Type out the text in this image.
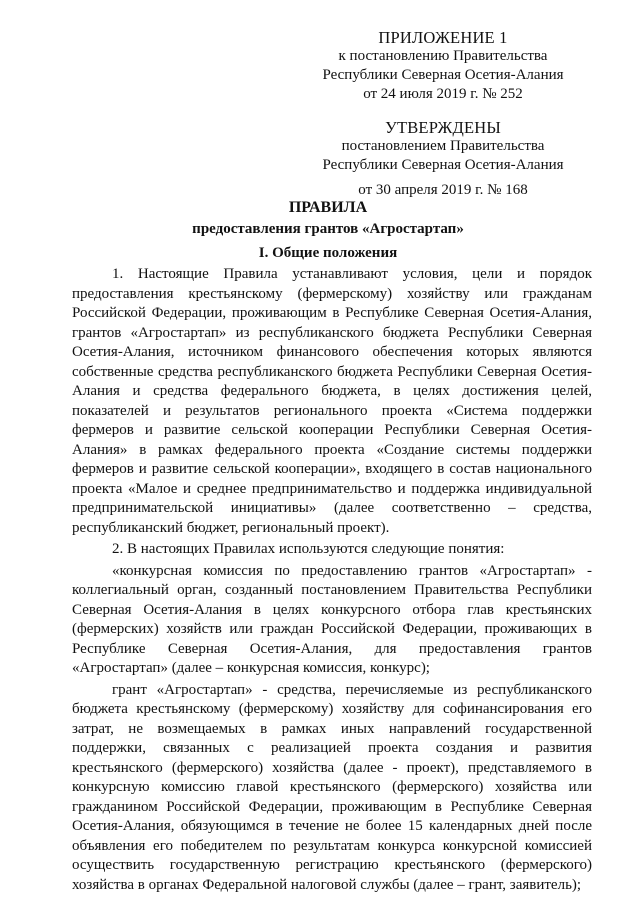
ПРИЛОЖЕНИЕ 1
к постановлению Правительства
Республики Северная Осетия-Алания
от 24 июля 2019 г. № 252
УТВЕРЖДЕНЫ
постановлением Правительства
Республики Северная Осетия-Алания
от 30 апреля 2019 г. № 168
ПРАВИЛА
предоставления грантов «Агростартап»
I. Общие положения

1. Настоящие Правила устанавливают условия, цели и порядок предоставления крестьянскому (фермерскому) хозяйству или гражданам Российской Федерации, проживающим в Республике Северная Осетия-Алания, грантов «Агростартап» из республиканского бюджета Республики Северная Осетия-Алания, источником финансового обеспечения которых являются собственные средства республиканского бюджета Республики Северная Осетия-Алания и средства федерального бюджета, в целях достижения целей, показателей и результатов регионального проекта «Система поддержки фермеров и развитие сельской кооперации Республики Северная Осетия-Алания» в рамках федерального проекта «Создание системы поддержки фермеров и развитие сельской кооперации», входящего в состав национального проекта «Малое и среднее предпринимательство и поддержка индивидуальной предпринимательской инициативы» (далее соответственно – средства, республиканский бюджет, региональный проект).

2. В настоящих Правилах используются следующие понятия:

«конкурсная комиссия по предоставлению грантов «Агростартап» - коллегиальный орган, созданный постановлением Правительства Республики Северная Осетия-Алания в целях конкурсного отбора глав крестьянских (фермерских) хозяйств или граждан Российской Федерации, проживающих в Республике Северная Осетия-Алания, для предоставления грантов «Агростартап» (далее – конкурсная комиссия, конкурс);

грант «Агростартап» - средства, перечисляемые из республиканского бюджета крестьянскому (фермерскому) хозяйству для софинансирования его затрат, не возмещаемых в рамках иных направлений государственной поддержки, связанных с реализацией проекта создания и развития крестьянского (фермерского) хозяйства (далее - проект), представляемого в конкурсную комиссию главой крестьянского (фермерского) хозяйства или гражданином Российской Федерации, проживающим в Республике Северная Осетия-Алания, обязующимся в течение не более 15 календарных дней после объявления его победителем по результатам конкурса конкурсной комиссией осуществить государственную регистрацию крестьянского (фермерского) хозяйства в органах Федеральной налоговой службы (далее – грант, заявитель);
